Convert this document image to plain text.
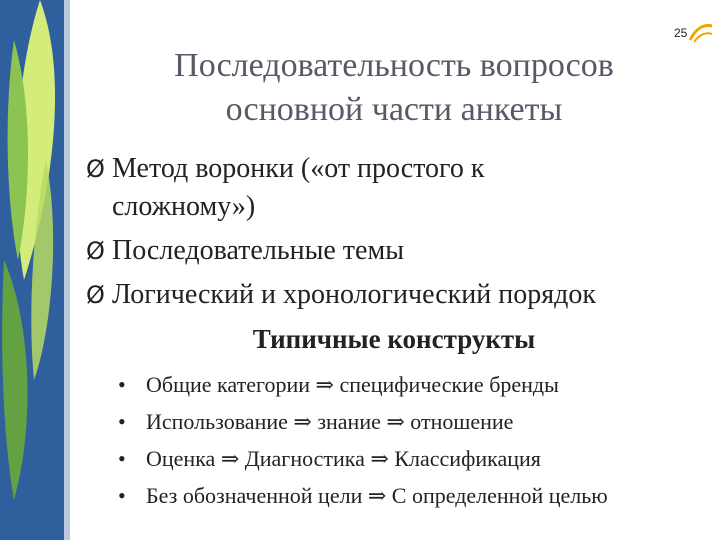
25
Последовательность вопросов
основной части анкеты
Ø Метод воронки («от простого к
сложному»)
Ø Последовательные темы
Ø Логический и хронологический порядок
Типичные конструкты
• Общие категории ⇒ специфические бренды
• Использование ⇒ знание ⇒ отношение
• Оценка ⇒ Диагностика ⇒ Классификация
• Без обозначенной цели ⇒ С определенной целью
